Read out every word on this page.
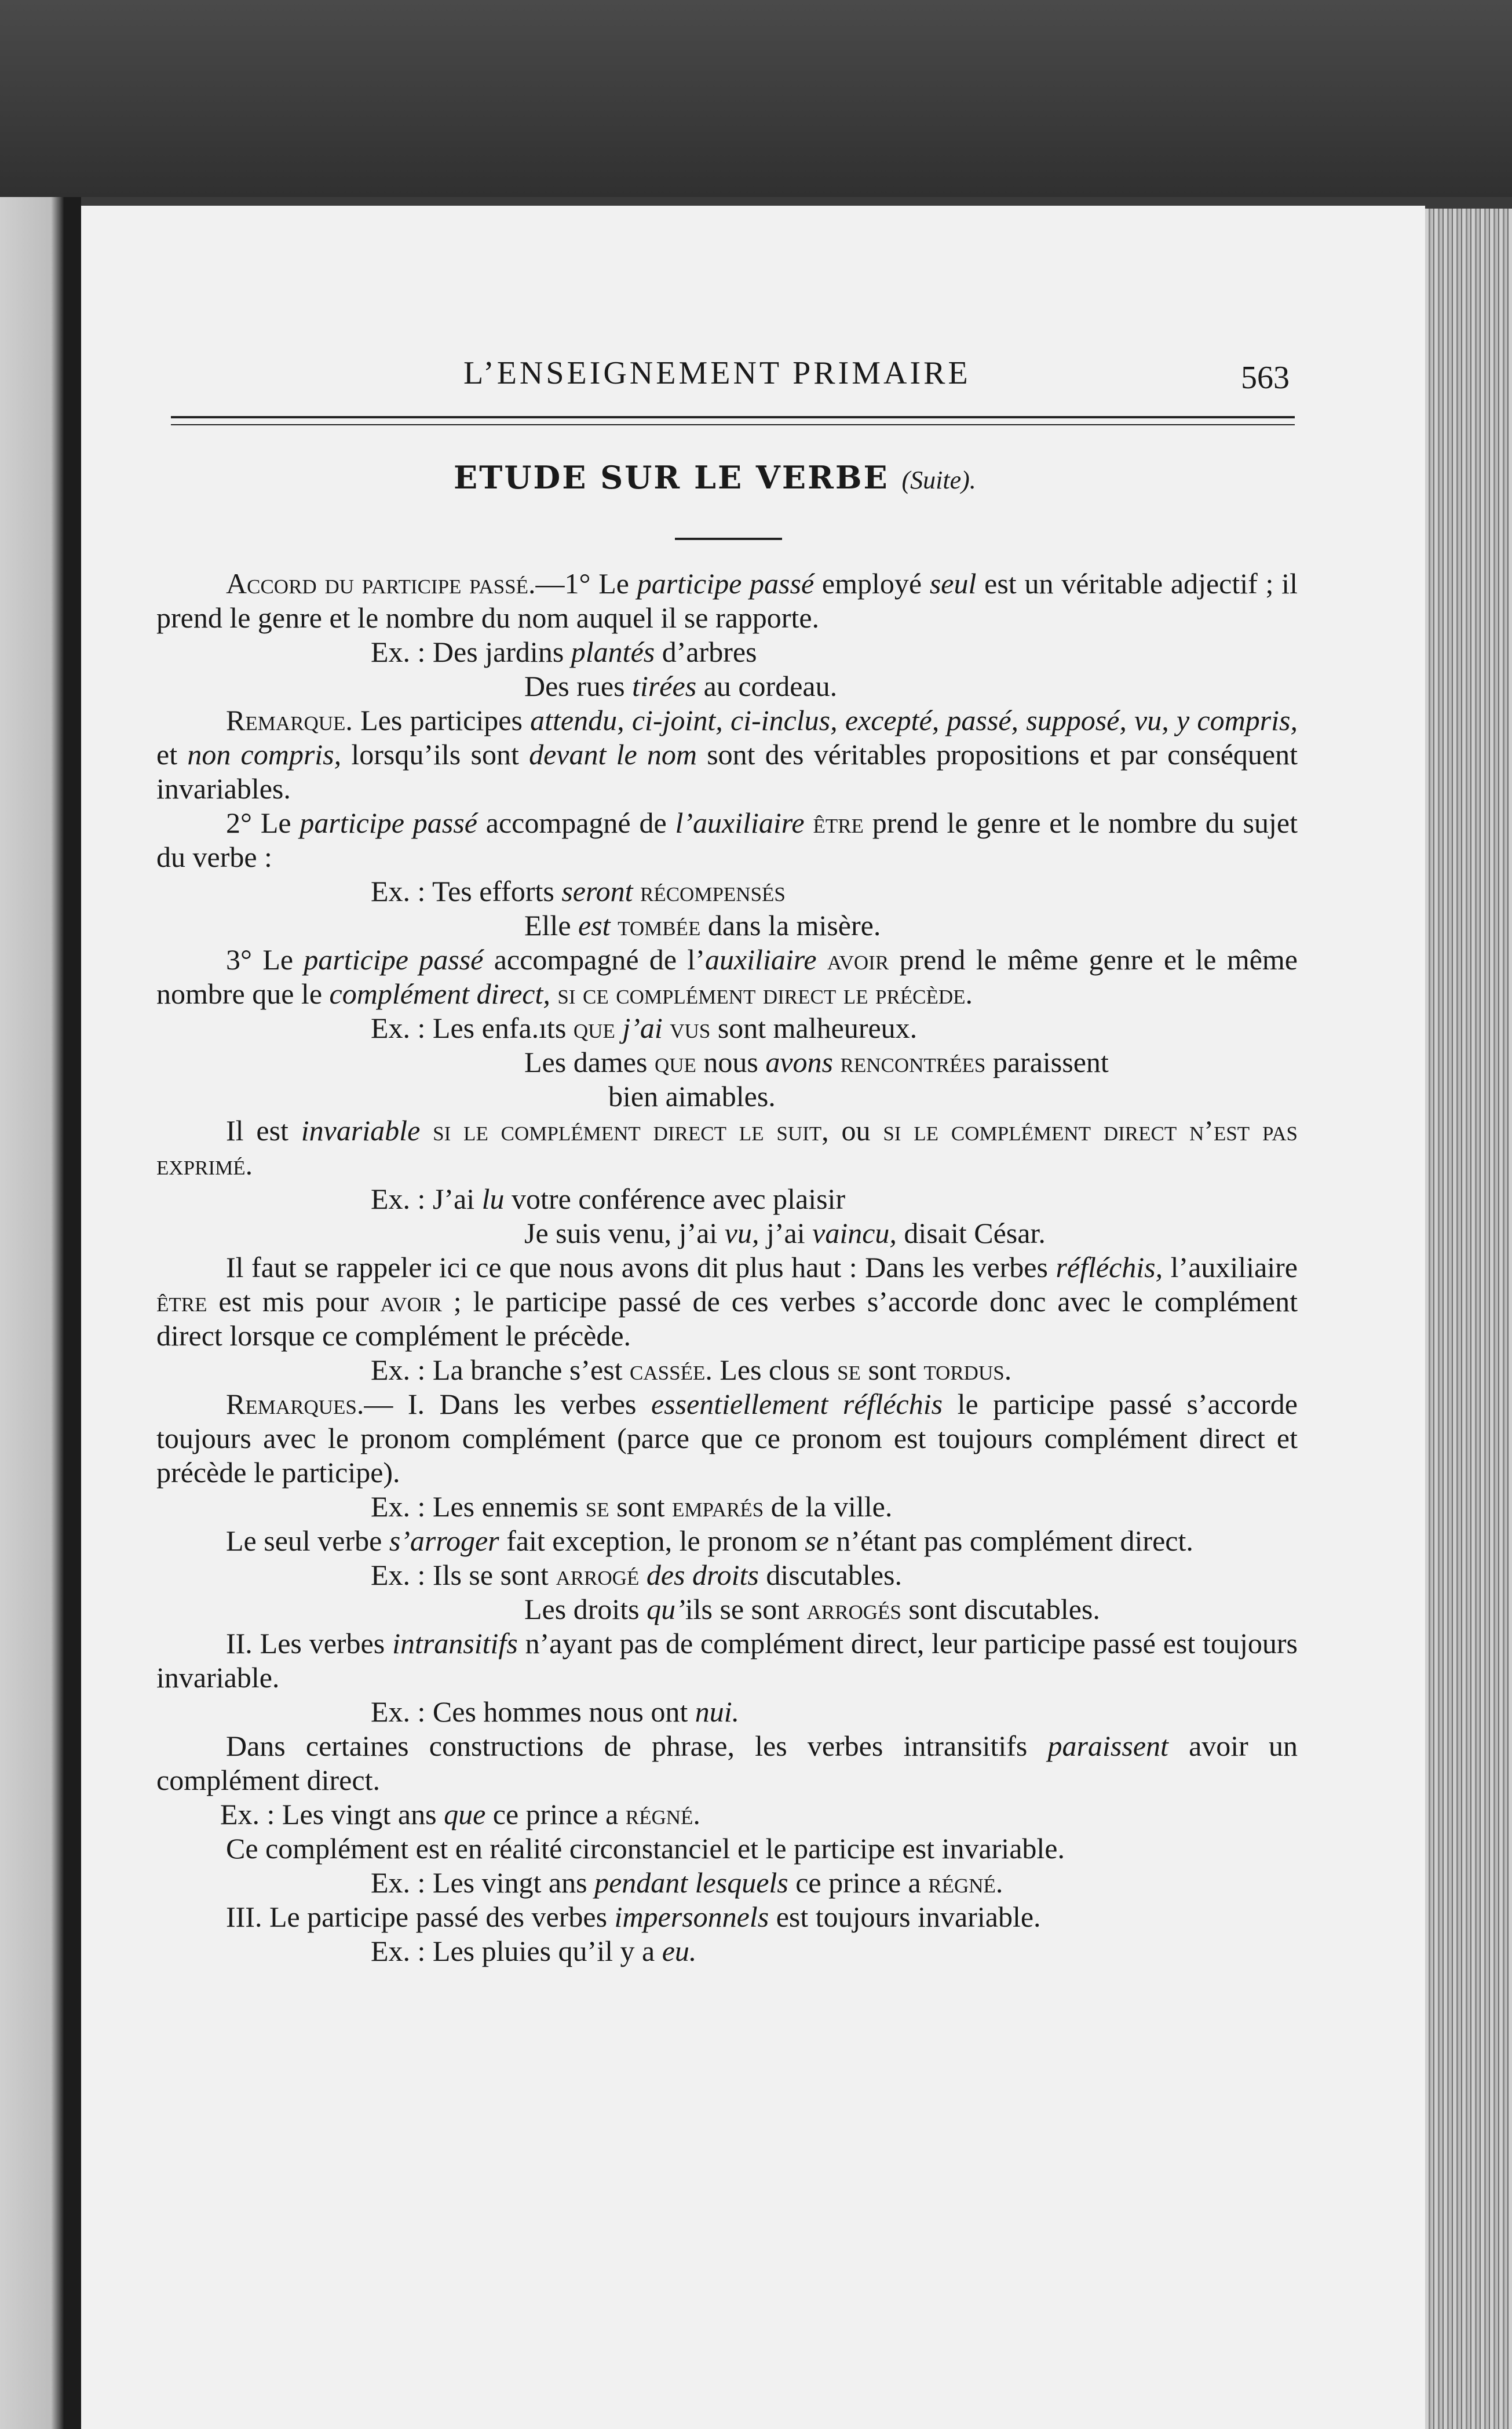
L’ENSEIGNEMENT PRIMAIRE	563
ETUDE SUR LE VERBE (Suite).

Accord du participe passé.—1° Le participe passé employé seul est un véritable adjectif ; il prend le genre et le nombre du nom auquel il se rapporte.

Ex. : Des jardins plantés d’arbres

Des rues tirées au cordeau.

Remarque. Les participes attendu, ci-joint, ci-inclus, excepté, passé, supposé, vu, y compris, et non compris, lorsqu’ils sont devant le nom sont des véritables propositions et par conséquent invariables.

2° Le participe passé accompagné de l’auxiliaire être prend le genre et le nombre du sujet du verbe :

Ex. : Tes efforts seront récompensés

Elle est tombée dans la misère.

3° Le participe passé accompagné de l’auxiliaire avoir prend le même genre et le même nombre que le complément direct, si ce complément direct le précède.

Ex. : Les enfa.ıts que j’ai vus sont malheureux.

Les dames que nous avons rencontrées paraissent

bien aimables.

Il est invariable si le complément direct le suit, ou si le complément direct n’est pas exprimé.

Ex. : J’ai lu votre conférence avec plaisir

Je suis venu, j’ai vu, j’ai vaincu, disait César.

Il faut se rappeler ici ce que nous avons dit plus haut : Dans les verbes réfléchis, l’auxiliaire être est mis pour avoir ; le participe passé de ces verbes s’accorde donc avec le complément direct lorsque ce complément le précède.

Ex. : La branche s’est cassée. Les clous se sont tordus.

Remarques.— I. Dans les verbes essentiellement réfléchis le participe passé s’accorde toujours avec le pronom complément (parce que ce pronom est toujours complément direct et précède le participe).

Ex. : Les ennemis se sont emparés de la ville.

Le seul verbe s’arroger fait exception, le pronom se n’étant pas complément direct.

Ex. : Ils se sont arrogé des droits discutables.

Les droits qu’ils se sont arrogés sont discutables.

II. Les verbes intransitifs n’ayant pas de complément direct, leur participe passé est toujours invariable.

Ex. : Ces hommes nous ont nui.

Dans certaines constructions de phrase, les verbes intransitifs paraissent avoir un complément direct.

Ex. : Les vingt ans que ce prince a régné.

Ce complément est en réalité circonstanciel et le participe est invariable.

Ex. : Les vingt ans pendant lesquels ce prince a régné.

III. Le participe passé des verbes impersonnels est toujours invariable.

Ex. : Les pluies qu’il y a eu.
